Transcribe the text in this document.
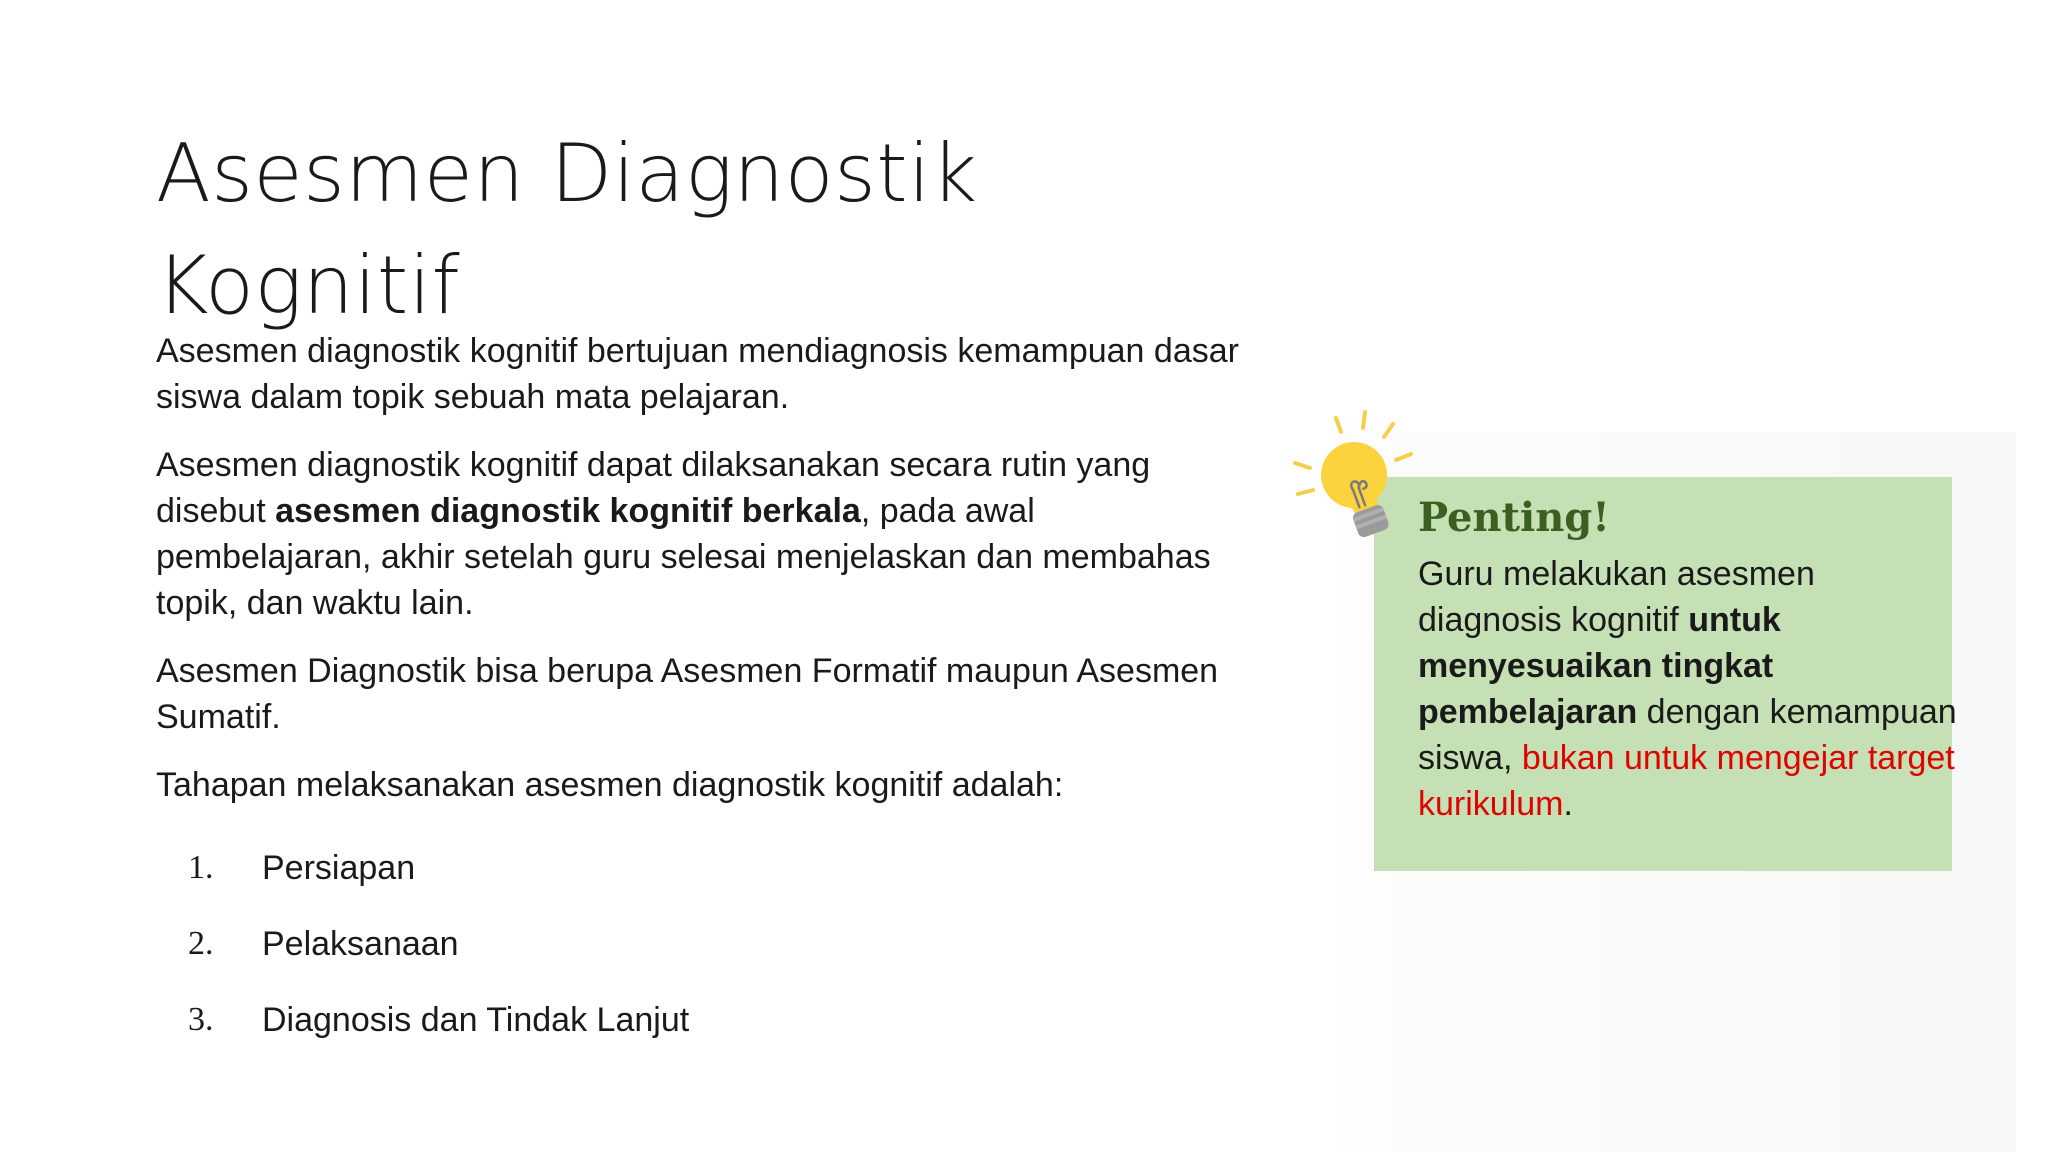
Asesmen Diagnostik
Kognitif

Asesmen diagnostik kognitif bertujuan mendiagnosis kemampuan dasar siswa dalam topik sebuah mata pelajaran.

Asesmen diagnostik kognitif dapat dilaksanakan secara rutin yang disebut asesmen diagnostik kognitif berkala, pada awal pembelajaran, akhir setelah guru selesai menjelaskan dan membahas topik, dan waktu lain.

Asesmen Diagnostik bisa berupa Asesmen Formatif maupun Asesmen Sumatif.

Tahapan melaksanakan asesmen diagnostik kognitif adalah:

1.	Persiapan
2.	Pelaksanaan
3.	Diagnosis dan Tindak Lanjut
Penting!

Guru melakukan asesmen diagnosis kognitif untuk menyesuaikan tingkat pembelajaran dengan kemampuan siswa, bukan untuk mengejar target kurikulum.
